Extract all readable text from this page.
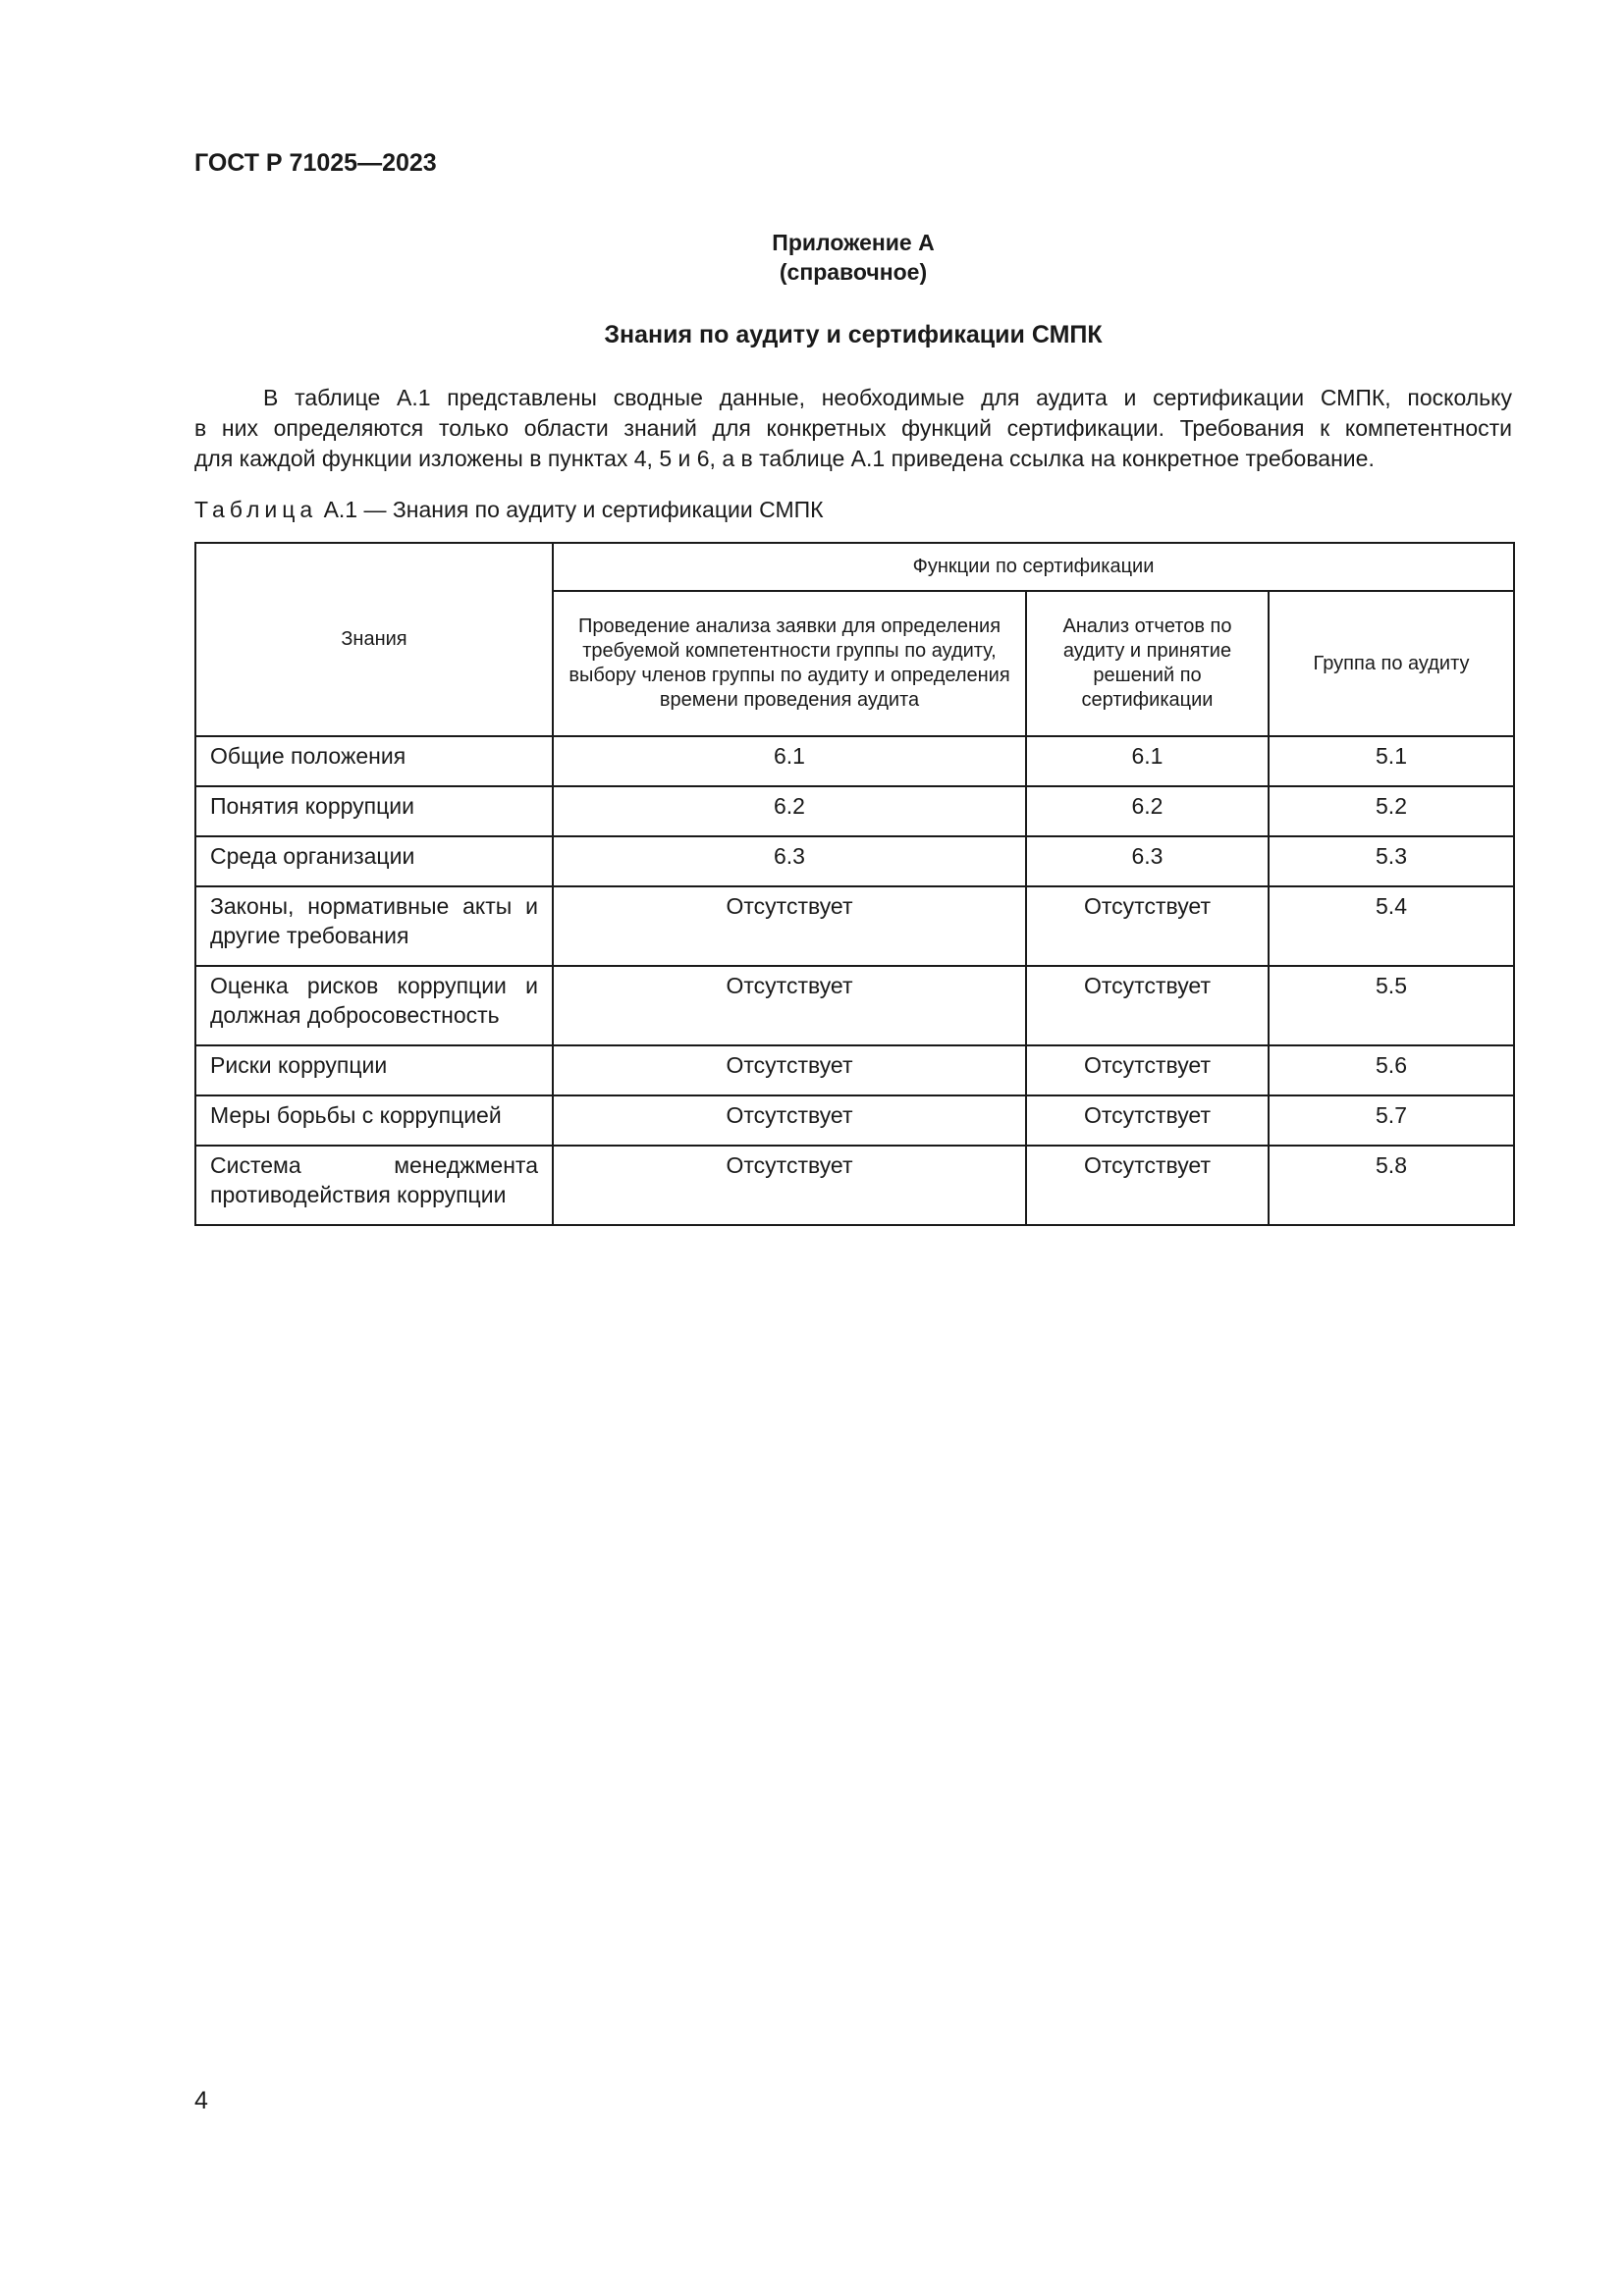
ГОСТ Р 71025—2023
Приложение А
(справочное)
Знания по аудиту и сертификации СМПК

В таблице А.1 представлены сводные данные, необходимые для аудита и сертификации СМПК, поскольку
в них определяются только области знаний для конкретных функций сертификации. Требования к компетентности
для каждой функции изложены в пунктах 4, 5 и 6, а в таблице А.1 приведена ссылка на конкретное требование.

Таблица А.1 — Знания по аудиту и сертификации СМПК
Знания	Функции по сертификации		
	Проведение анализа заявки для определения требуемой компетентности группы по аудиту, выбору членов группы по аудиту и определения времени проведения аудита	Анализ отчетов по аудиту и принятие решений по сертификации	Группа по аудиту
Общие положения	6.1	6.1	5.1
Понятия коррупции	6.2	6.2	5.2
Среда организации	6.3	6.3	5.3
Законы, нормативные акты и другие требования	Отсутствует	Отсутствует	5.4
Оценка рисков коррупции и должная добросовестность	Отсутствует	Отсутствует	5.5
Риски коррупции	Отсутствует	Отсутствует	5.6
Меры борьбы с коррупцией	Отсутствует	Отсутствует	5.7
Система менеджмента противодействия коррупции	Отсутствует	Отсутствует	5.8
4
